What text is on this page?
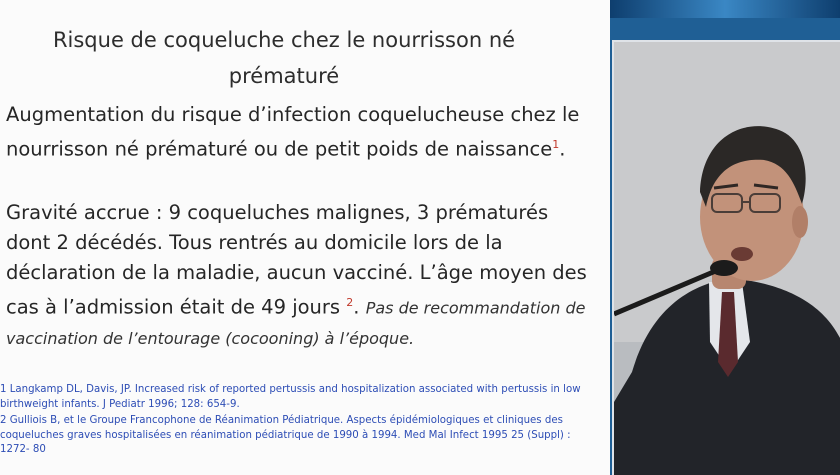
Risque de coqueluche chez le nourrisson né prématuré
Augmentation du risque d’infection coquelucheuse chez le nourrisson né prématuré ou de petit poids de naissance$^1$.
Gravité accrue : 9 coqueluches malignes, 3 prématurés dont 2 décédés. Tous rentrés au domicile lors de la déclaration de la maladie, aucun vacciné. L’âge moyen des cas à l’admission était de 49 jours $^2$. Pas de recommandation de vaccination de l’entourage (cocooning) à l’époque.
1 Langkamp DL, Davis, JP. Increased risk of reported pertussis and hospitalization associated with pertussis in low birthweight infants. J Pediatr 1996; 128: 654-9.
2 Gulliois B, et le Groupe Francophone de Réanimation Pédiatrique. Aspects épidémiologiques et cliniques des coqueluches graves hospitalisées en réanimation pédiatrique de 1990 à 1994. Med Mal Infect 1995 25 (Suppl) : 1272- 80
